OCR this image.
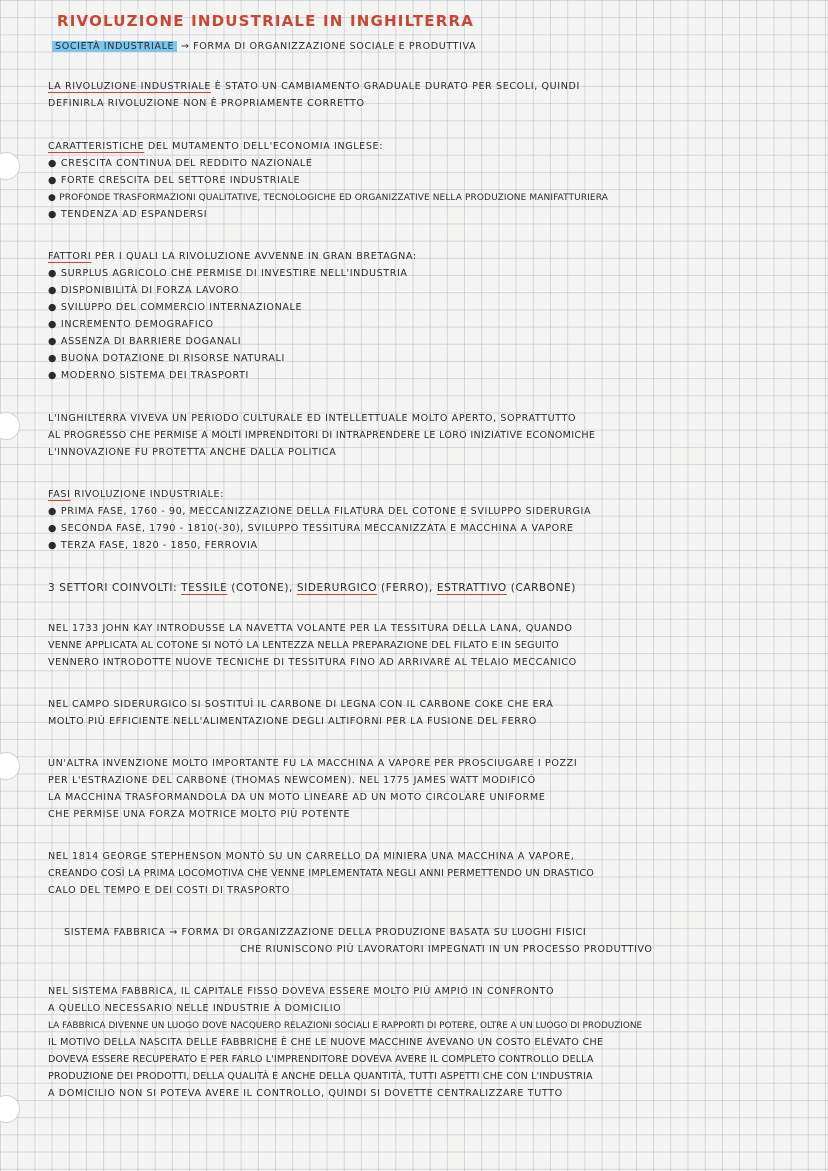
RIVOLUZIONE INDUSTRIALE IN INGHILTERRA

SOCIETÀ INDUSTRIALE → FORMA DI ORGANIZZAZIONE SOCIALE E PRODUTTIVA

LA RIVOLUZIONE INDUSTRIALE È STATO UN CAMBIAMENTO GRADUALE DURATO PER SECOLI, QUINDI

DEFINIRLA RIVOLUZIONE NON È PROPRIAMENTE CORRETTO

CARATTERISTICHE DEL MUTAMENTO DELL'ECONOMIA INGLESE:

● CRESCITA CONTINUA DEL REDDITO NAZIONALE

● FORTE CRESCITA DEL SETTORE INDUSTRIALE

● PROFONDE TRASFORMAZIONI QUALITATIVE, TECNOLOGICHE ED ORGANIZZATIVE NELLA PRODUZIONE MANIFATTURIERA

● TENDENZA AD ESPANDERSI

FATTORI PER I QUALI LA RIVOLUZIONE AVVENNE IN GRAN BRETAGNA:

● SURPLUS AGRICOLO CHE PERMISE DI INVESTIRE NELL'INDUSTRIA

● DISPONIBILITÀ DI FORZA LAVORO

● SVILUPPO DEL COMMERCIO INTERNAZIONALE

● INCREMENTO DEMOGRAFICO

● ASSENZA DI BARRIERE DOGANALI

● BUONA DOTAZIONE DI RISORSE NATURALI

● MODERNO SISTEMA DEI TRASPORTI

L'INGHILTERRA VIVEVA UN PERIODO CULTURALE ED INTELLETTUALE MOLTO APERTO, SOPRATTUTTO

AL PROGRESSO CHE PERMISE A MOLTI IMPRENDITORI DI INTRAPRENDERE LE LORO INIZIATIVE ECONOMICHE

L'INNOVAZIONE FU PROTETTA ANCHE DALLA POLITICA

FASI RIVOLUZIONE INDUSTRIALE:

● PRIMA FASE, 1760 - 90, MECCANIZZAZIONE DELLA FILATURA DEL COTONE E SVILUPPO SIDERURGIA

● SECONDA FASE, 1790 - 1810(-30), SVILUPPO TESSITURA MECCANIZZATA E MACCHINA A VAPORE

● TERZA FASE, 1820 - 1850, FERROVIA

3 SETTORI COINVOLTI: TESSILE (COTONE), SIDERURGICO (FERRO), ESTRATTIVO (CARBONE)

NEL 1733 JOHN KAY INTRODUSSE LA NAVETTA VOLANTE PER LA TESSITURA DELLA LANA, QUANDO

VENNE APPLICATA AL COTONE SI NOTÒ LA LENTEZZA NELLA PREPARAZIONE DEL FILATO E IN SEGUITO

VENNERO INTRODOTTE NUOVE TECNICHE DI TESSITURA FINO AD ARRIVARE AL TELAIO MECCANICO

NEL CAMPO SIDERURGICO SI SOSTITUÌ IL CARBONE DI LEGNA CON IL CARBONE COKE CHE ERA

MOLTO PIÙ EFFICIENTE NELL'ALIMENTAZIONE DEGLI ALTIFORNI PER LA FUSIONE DEL FERRO

UN'ALTRA INVENZIONE MOLTO IMPORTANTE FU LA MACCHINA A VAPORE PER PROSCIUGARE I POZZI

PER L'ESTRAZIONE DEL CARBONE (THOMAS NEWCOMEN). NEL 1775 JAMES WATT MODIFICÒ

LA MACCHINA TRASFORMANDOLA DA UN MOTO LINEARE AD UN MOTO CIRCOLARE UNIFORME

CHE PERMISE UNA FORZA MOTRICE MOLTO PIÙ POTENTE

NEL 1814 GEORGE STEPHENSON MONTÒ SU UN CARRELLO DA MINIERA UNA MACCHINA A VAPORE,

CREANDO COSÌ LA PRIMA LOCOMOTIVA CHE VENNE IMPLEMENTATA NEGLI ANNI PERMETTENDO UN DRASTICO

CALO DEL TEMPO E DEI COSTI DI TRASPORTO

SISTEMA FABBRICA → FORMA DI ORGANIZZAZIONE DELLA PRODUZIONE BASATA SU LUOGHI FISICI

CHE RIUNISCONO PIÙ LAVORATORI IMPEGNATI IN UN PROCESSO PRODUTTIVO

NEL SISTEMA FABBRICA, IL CAPITALE FISSO DOVEVA ESSERE MOLTO PIÙ AMPIO IN CONFRONTO

A QUELLO NECESSARIO NELLE INDUSTRIE A DOMICILIO

LA FABBRICA DIVENNE UN LUOGO DOVE NACQUERO RELAZIONI SOCIALI E RAPPORTI DI POTERE, OLTRE A UN LUOGO DI PRODUZIONE

IL MOTIVO DELLA NASCITA DELLE FABBRICHE È CHE LE NUOVE MACCHINE AVEVANO UN COSTO ELEVATO CHE

DOVEVA ESSERE RECUPERATO E PER FARLO L'IMPRENDITORE DOVEVA AVERE IL COMPLETO CONTROLLO DELLA

PRODUZIONE DEI PRODOTTI, DELLA QUALITÀ E ANCHE DELLA QUANTITÀ, TUTTI ASPETTI CHE CON L'INDUSTRIA

A DOMICILIO NON SI POTEVA AVERE IL CONTROLLO, QUINDI SI DOVETTE CENTRALIZZARE TUTTO
